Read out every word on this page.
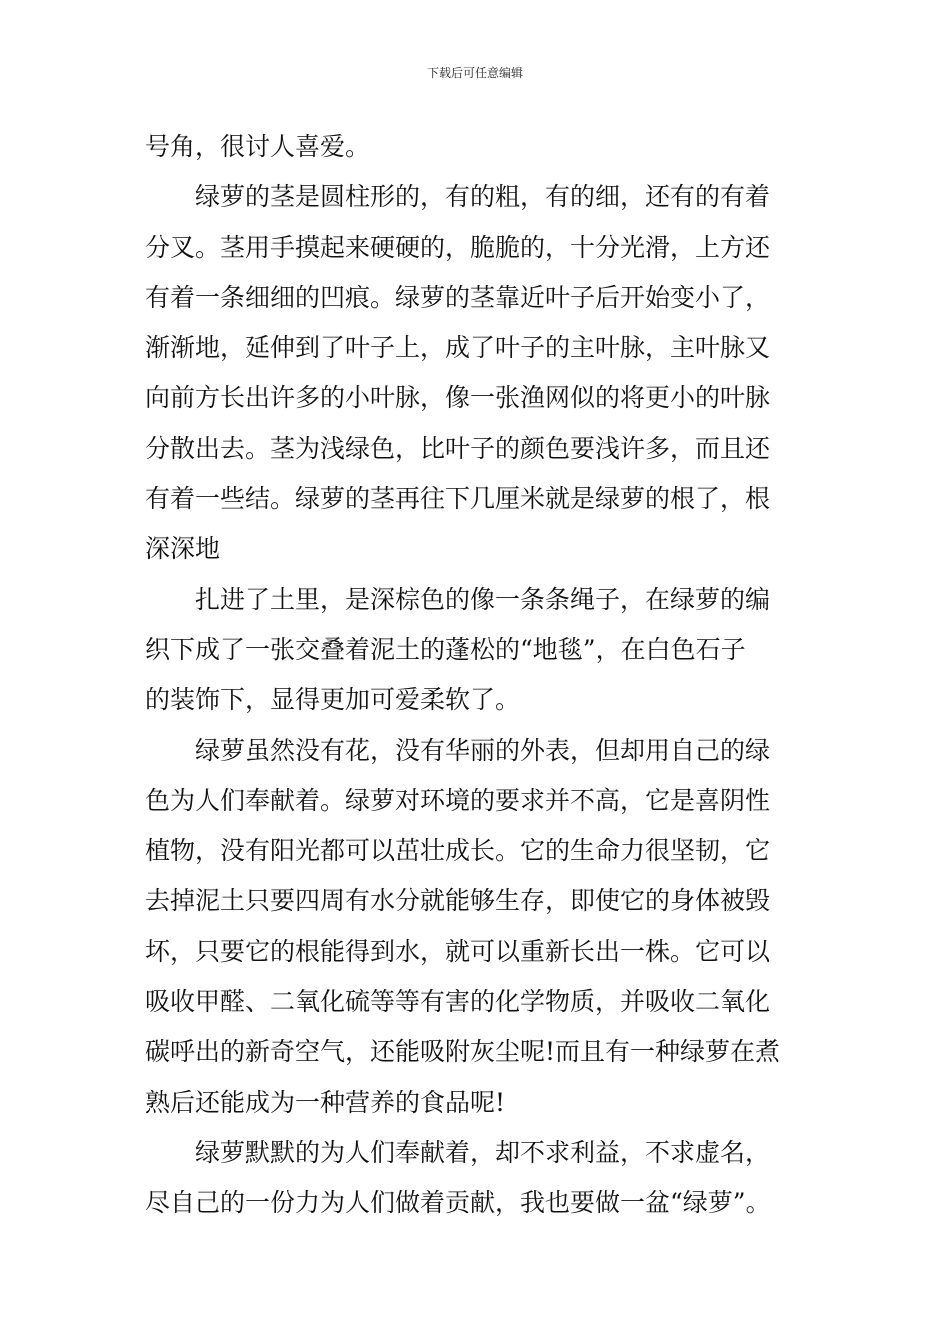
下载后可任意编辑
号角，很讨人喜爱。
　　绿萝的茎是圆柱形的，有的粗，有的细，还有的有着
分叉。茎用手摸起来硬硬的，脆脆的，十分光滑，上方还
有着一条细细的凹痕。绿萝的茎靠近叶子后开始变小了，
渐渐地，延伸到了叶子上，成了叶子的主叶脉，主叶脉又
向前方长出许多的小叶脉，像一张渔网似的将更小的叶脉
分散出去。茎为浅绿色，比叶子的颜色要浅许多，而且还
有着一些结。绿萝的茎再往下几厘米就是绿萝的根了，根
深深地
　　扎进了土里，是深棕色的像一条条绳子，在绿萝的编
织下成了一张交叠着泥土的蓬松的“地毯”，在白色石子
的装饰下，显得更加可爱柔软了。
　　绿萝虽然没有花，没有华丽的外表，但却用自己的绿
色为人们奉献着。绿萝对环境的要求并不高，它是喜阴性
植物，没有阳光都可以茁壮成长。它的生命力很坚韧，它
去掉泥土只要四周有水分就能够生存，即使它的身体被毁
坏，只要它的根能得到水，就可以重新长出一株。它可以
吸收甲醛、二氧化硫等等有害的化学物质，并吸收二氧化
碳呼出的新奇空气，还能吸附灰尘呢!而且有一种绿萝在煮
熟后还能成为一种营养的食品呢!
　　绿萝默默的为人们奉献着，却不求利益，不求虚名，
尽自己的一份力为人们做着贡献，我也要做一盆“绿萝”。
